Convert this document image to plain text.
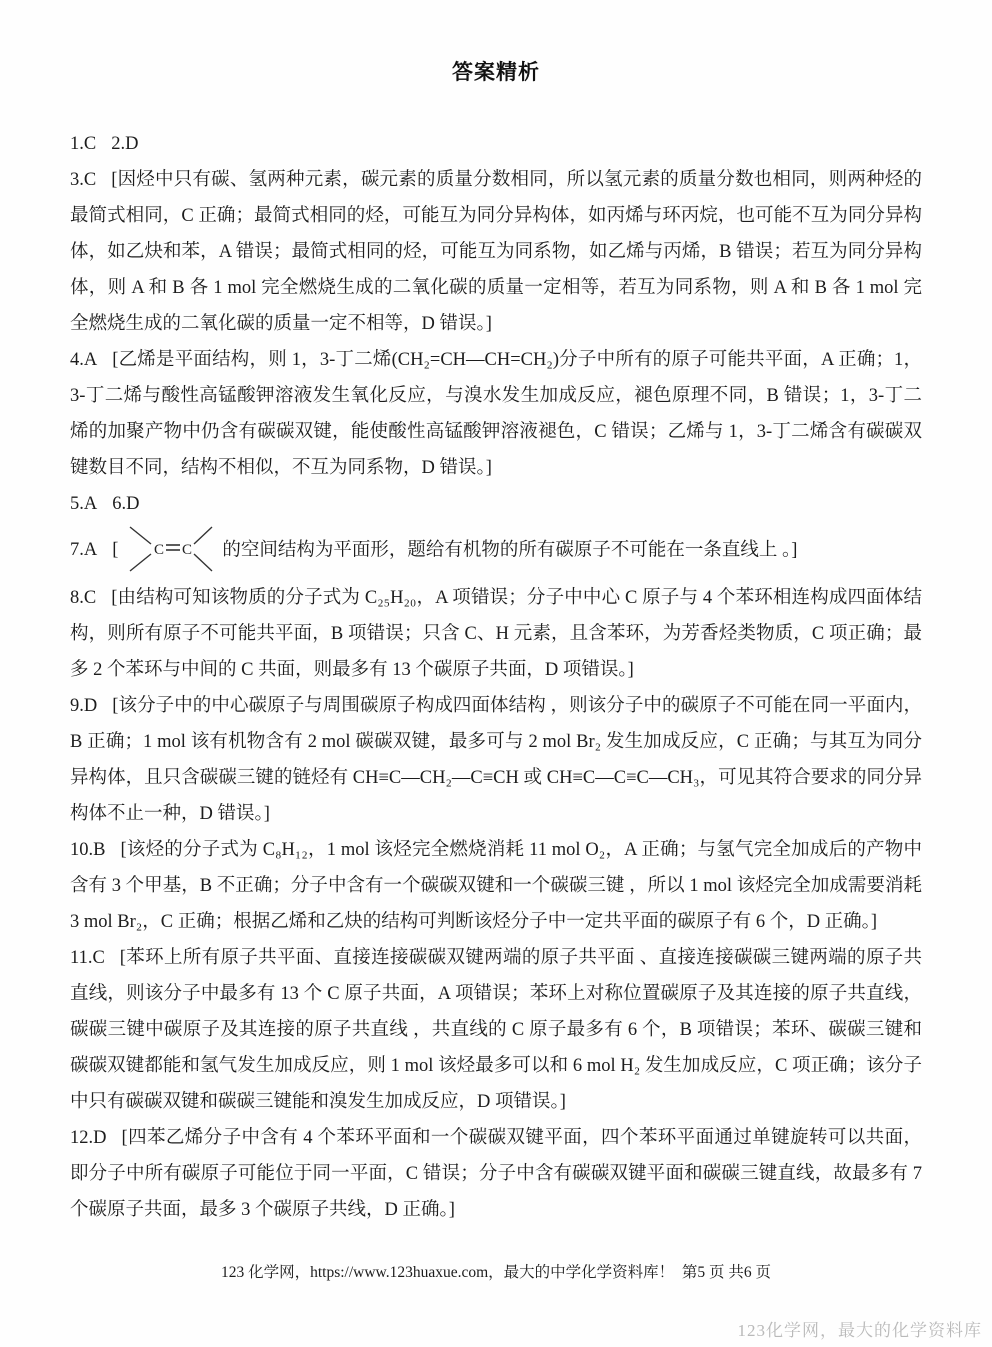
答案精析

1.C 2.D

3.C [因烃中只有碳、氢两种元素，碳元素的质量分数相同，所以氢元素的质量分数也相同，则两种烃的最简式相同，C 正确；最简式相同的烃，可能互为同分异构体，如丙烯与环丙烷，也可能不互为同分异构体，如乙炔和苯，A 错误；最简式相同的烃，可能互为同系物，如乙烯与丙烯，B 错误；若互为同分异构体，则 A 和 B 各 1 mol 完全燃烧生成的二氧化碳的质量一定相等，若互为同系物，则 A 和 B 各 1 mol 完全燃烧生成的二氧化碳的质量一定不相等，D 错误。]

4.A [乙烯是平面结构，则 1，3-丁二烯(CH₂=CH—CH=CH₂)分子中所有的原子可能共平面，A 正确；1，3-丁二烯与酸性高锰酸钾溶液发生氧化反应，与溴水发生加成反应，褪色原理不同，B 错误；1，3-丁二烯的加聚产物中仍含有碳碳双键，能使酸性高锰酸钾溶液褪色，C 错误；乙烯与 1，3-丁二烯含有碳碳双键数目不同，结构不相似，不互为同系物，D 错误。]

5.A 6.D

7.A [ C C 的空间结构为平面形，题给有机物的所有碳原子不可能在一条直线上 。]

8.C [由结构可知该物质的分子式为 C₂₅H₂₀，A 项错误；分子中中心 C 原子与 4 个苯环相连构成四面体结构，则所有原子不可能共平面，B 项错误；只含 C、H 元素，且含苯环，为芳香烃类物质，C 项正确；最多 2 个苯环与中间的 C 共面，则最多有 13 个碳原子共面，D 项错误。]

9.D [该分子中的中心碳原子与周围碳原子构成四面体结构 ，则该分子中的碳原子不可能在同一平面内，B 正确；1 mol 该有机物含有 2 mol 碳碳双键，最多可与 2 mol Br₂ 发生加成反应，C 正确；与其互为同分异构体，且只含碳碳三键的链烃有 CH≡C—CH₂—C≡CH 或 CH≡C—C≡C—CH₃，可见其符合要求的同分异构体不止一种，D 错误。]

10.B [该烃的分子式为 C₈H₁₂，1 mol 该烃完全燃烧消耗 11 mol O₂，A 正确；与氢气完全加成后的产物中含有 3 个甲基，B 不正确；分子中含有一个碳碳双键和一个碳碳三键 ，所以 1 mol 该烃完全加成需要消耗 3 mol Br₂，C 正确；根据乙烯和乙炔的结构可判断该烃分子中一定共平面的碳原子有 6 个，D 正确。]

11.C [苯环上所有原子共平面、直接连接碳碳双键两端的原子共平面 、直接连接碳碳三键两端的原子共直线，则该分子中最多有 13 个 C 原子共面，A 项错误；苯环上对称位置碳原子及其连接的原子共直线， 碳碳三键中碳原子及其连接的原子共直线 ，共直线的 C 原子最多有 6 个，B 项错误；苯环、碳碳三键和碳碳双键都能和氢气发生加成反应，则 1 mol 该烃最多可以和 6 mol H₂ 发生加成反应，C 项正确；该分子中只有碳碳双键和碳碳三键能和溴发生加成反应，D 项错误。]

12.D [四苯乙烯分子中含有 4 个苯环平面和一个碳碳双键平面，四个苯环平面通过单键旋转可以共面，即分子中所有碳原子可能位于同一平面，C 错误；分子中含有碳碳双键平面和碳碳三键直线，故最多有 7 个碳原子共面，最多 3 个碳原子共线，D 正确。]

123 化学网，https://www.123huaxue.com，最大的中学化学资料库！  第5 页 共6 页
123化学网，最大的化学资料库
